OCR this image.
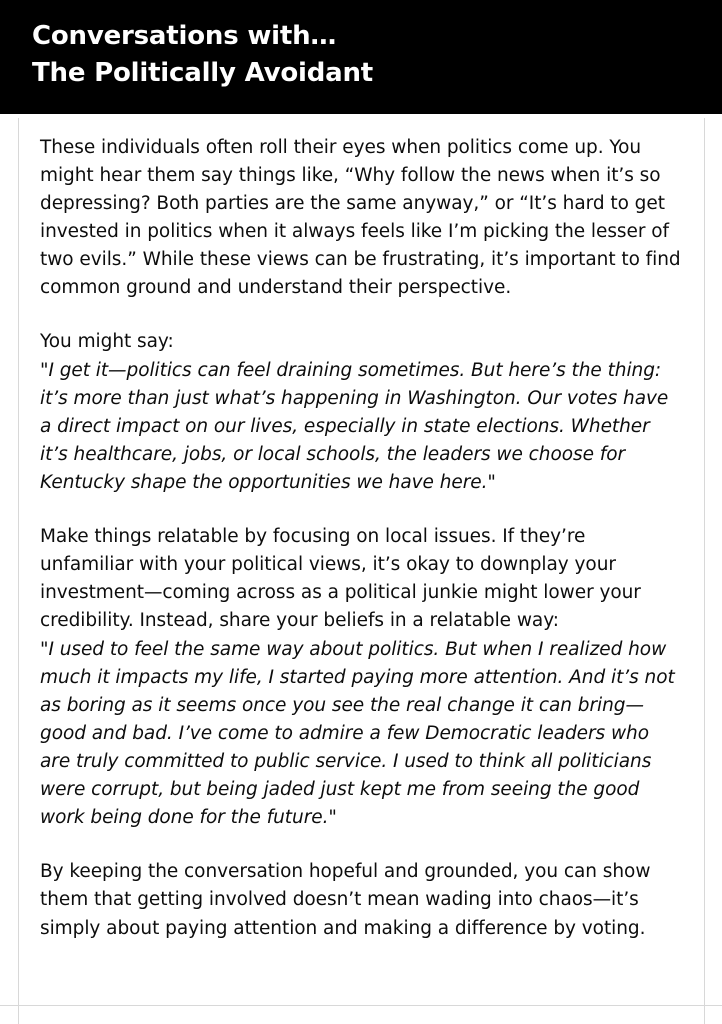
Conversations with…
The Politically Avoidant

These individuals often roll their eyes when politics come up. You might hear them say things like, “Why follow the news when it’s so depressing? Both parties are the same anyway,” or “It’s hard to get invested in politics when it always feels like I’m picking the lesser of two evils.” While these views can be frustrating, it’s important to find common ground and understand their perspective.

You might say:

"I get it—politics can feel draining sometimes. But here’s the thing: it’s more than just what’s happening in Washington. Our votes have a direct impact on our lives, especially in state elections. Whether it’s healthcare, jobs, or local schools, the leaders we choose for Kentucky shape the opportunities we have here."

Make things relatable by focusing on local issues. If they’re unfamiliar with your political views, it’s okay to downplay your investment—coming across as a political junkie might lower your credibility. Instead, share your beliefs in a relatable way:

"I used to feel the same way about politics. But when I realized how much it impacts my life, I started paying more attention. And it’s not as boring as it seems once you see the real change it can bring—good and bad. I’ve come to admire a few Democratic leaders who are truly committed to public service. I used to think all politicians were corrupt, but being jaded just kept me from seeing the good work being done for the future."

By keeping the conversation hopeful and grounded, you can show them that getting involved doesn’t mean wading into chaos—it’s simply about paying attention and making a difference by voting.
